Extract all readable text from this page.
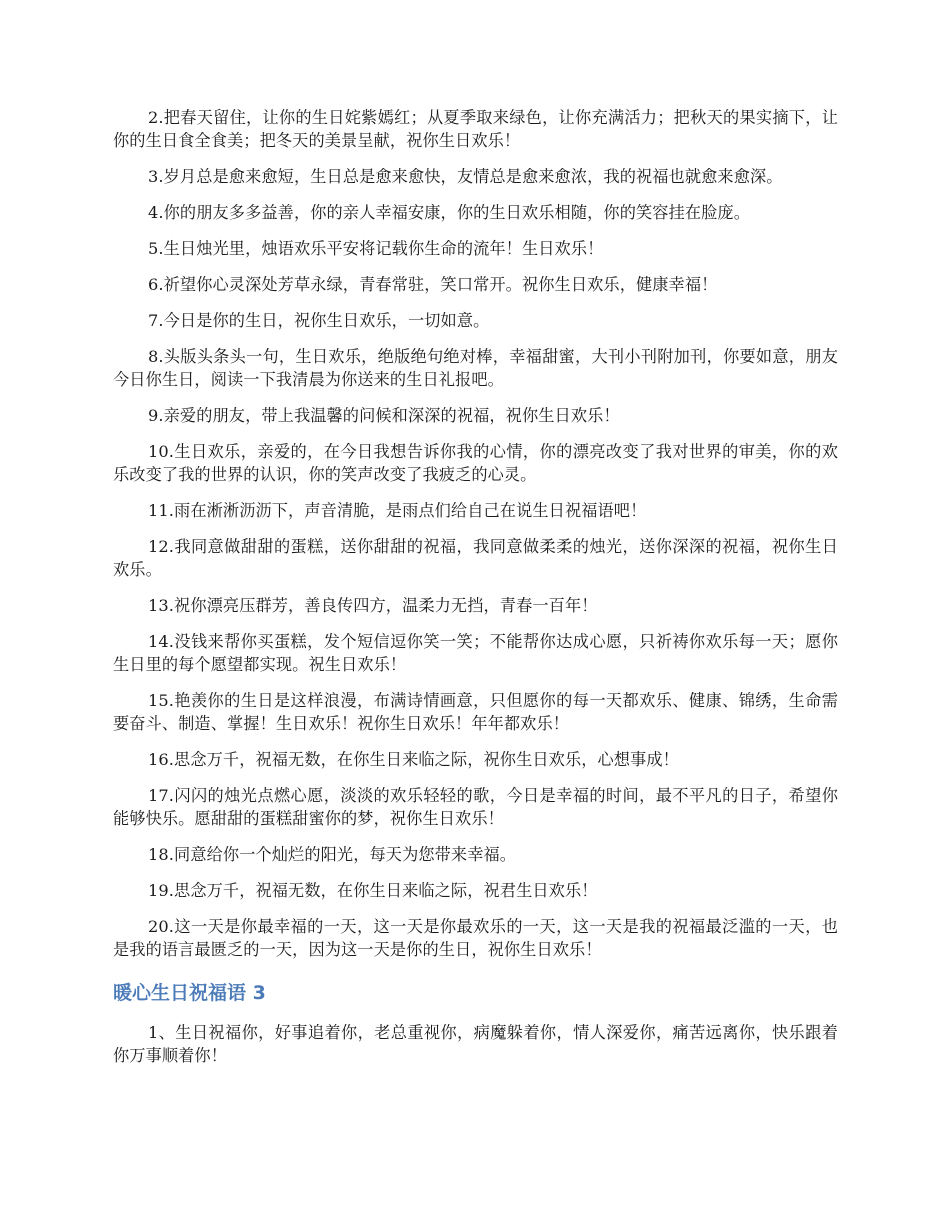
2.把春天留住，让你的生日姹紫嫣红；从夏季取来绿色，让你充满活力；把秋天的果实摘下，让你的生日食全食美；把冬天的美景呈献，祝你生日欢乐！

3.岁月总是愈来愈短，生日总是愈来愈快，友情总是愈来愈浓，我的祝福也就愈来愈深。

4.你的朋友多多益善，你的亲人幸福安康，你的生日欢乐相随，你的笑容挂在脸庞。

5.生日烛光里，烛语欢乐平安将记载你生命的流年！生日欢乐！

6.祈望你心灵深处芳草永绿，青春常驻，笑口常开。祝你生日欢乐，健康幸福！

7.今日是你的生日，祝你生日欢乐，一切如意。

8.头版头条头一句，生日欢乐，绝版绝句绝对棒，幸福甜蜜，大刊小刊附加刊，你要如意，朋友今日你生日，阅读一下我清晨为你送来的生日礼报吧。

9.亲爱的朋友，带上我温馨的问候和深深的祝福，祝你生日欢乐！

10.生日欢乐，亲爱的，在今日我想告诉你我的心情，你的漂亮改变了我对世界的审美，你的欢乐改变了我的世界的认识，你的笑声改变了我疲乏的心灵。

11.雨在淅淅沥沥下，声音清脆，是雨点们给自己在说生日祝福语吧！

12.我同意做甜甜的蛋糕，送你甜甜的祝福，我同意做柔柔的烛光，送你深深的祝福，祝你生日欢乐。

13.祝你漂亮压群芳，善良传四方，温柔力无挡，青春一百年！

14.没钱来帮你买蛋糕，发个短信逗你笑一笑；不能帮你达成心愿，只祈祷你欢乐每一天；愿你生日里的每个愿望都实现。祝生日欢乐！

15.艳羡你的生日是这样浪漫，布满诗情画意，只但愿你的每一天都欢乐、健康、锦绣，生命需要奋斗、制造、掌握！生日欢乐！祝你生日欢乐！年年都欢乐！

16.思念万千，祝福无数，在你生日来临之际，祝你生日欢乐，心想事成！

17.闪闪的烛光点燃心愿，淡淡的欢乐轻轻的歌，今日是幸福的时间，最不平凡的日子，希望你能够快乐。愿甜甜的蛋糕甜蜜你的梦，祝你生日欢乐！

18.同意给你一个灿烂的阳光，每天为您带来幸福。

19.思念万千，祝福无数，在你生日来临之际，祝君生日欢乐！

20.这一天是你最幸福的一天，这一天是你最欢乐的一天，这一天是我的祝福最泛滥的一天，也是我的语言最匮乏的一天，因为这一天是你的生日，祝你生日欢乐！

暖心生日祝福语 3

1、生日祝福你，好事追着你，老总重视你，病魔躲着你，情人深爱你，痛苦远离你，快乐跟着你万事顺着你！
